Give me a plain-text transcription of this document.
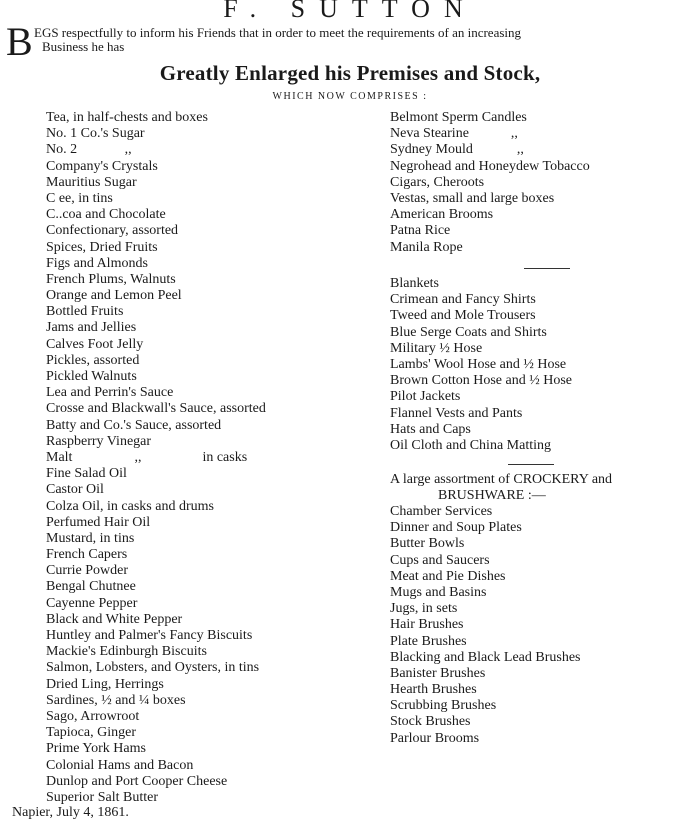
F. SUTTON
B EGS respectfully to inform his Friends that in order to meet the requirements of an increasing
Business he has
Greatly Enlarged his Premises and Stock,
WHICH NOW COMPRISES :
Tea, in half-chests and boxes
No. 1 Co.'s Sugar
No. 2	,,
Company's Crystals
Mauritius Sugar
C ee, in tins
C..coa and Chocolate
Confectionary, assorted
Spices, Dried Fruits
Figs and Almonds
French Plums, Walnuts
Orange and Lemon Peel
Bottled Fruits
Jams and Jellies
Calves Foot Jelly
Pickles, assorted
Pickled Walnuts
Lea and Perrin's Sauce
Crosse and Blackwall's Sauce, assorted
Batty and Co.'s Sauce, assorted
Raspberry Vinegar
Malt	,,	in casks
Fine Salad Oil
Castor Oil
Colza Oil, in casks and drums
Perfumed Hair Oil
Mustard, in tins
French Capers
Currie Powder
Bengal Chutnee
Cayenne Pepper
Black and White Pepper
Huntley and Palmer's Fancy Biscuits
Mackie's Edinburgh Biscuits
Salmon, Lobsters, and Oysters, in tins
Dried Ling, Herrings
Sardines, ½ and ¼ boxes
Sago, Arrowroot
Tapioca, Ginger
Prime York Hams
Colonial Hams and Bacon
Dunlop and Port Cooper Cheese
Superior Salt Butter
Belmont Sperm Candles
Neva Stearine	,,
Sydney Mould	,,
Negrohead and Honeydew Tobacco
Cigars, Cheroots
Vestas, small and large boxes
American Brooms
Patna Rice
Manila Rope
Blankets
Crimean and Fancy Shirts
Tweed and Mole Trousers
Blue Serge Coats and Shirts
Military ½ Hose
Lambs' Wool Hose and ½ Hose
Brown Cotton Hose and ½ Hose
Pilot Jackets
Flannel Vests and Pants
Hats and Caps
Oil Cloth and China Matting
A large assortment of CROCKERY and
BRUSHWARE :—
Chamber Services
Dinner and Soup Plates
Butter Bowls
Cups and Saucers
Meat and Pie Dishes
Mugs and Basins
Jugs, in sets
Hair Brushes
Plate Brushes
Blacking and Black Lead Brushes
Banister Brushes
Hearth Brushes
Scrubbing Brushes
Stock Brushes
Parlour Brooms
Napier, July 4, 1861.
